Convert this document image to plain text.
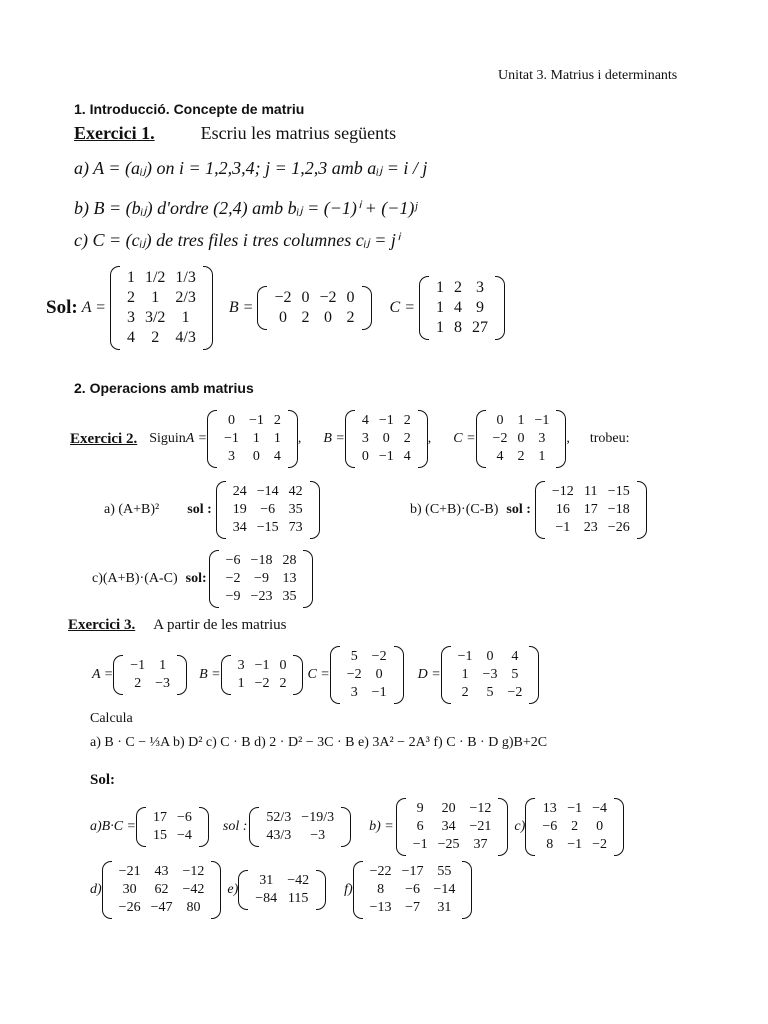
Unitat 3. Matrius i determinants
1. Introducció. Concepte de matriu
Exercici 1.	Escriu les matrius següents
a) A = (aᵢⱼ) on i = 1,2,3,4; j = 1,2,3 amb aᵢⱼ = i / j
b) B = (bᵢⱼ) d'ordre (2,4) amb bᵢⱼ = (−1)ⁱ + (−1)ʲ
c) C = (cᵢⱼ) de tres files i tres columnes cᵢⱼ = jⁱ
Sol: A =
1	1/2	1/3
2	1	2/3
3	3/2	1
4	2	4/3
B =
−2	0	−2	0
0	2	0	2
C =
1	2	3
1	4	9
1	8	27
2. Operacions amb matrius
Exercici 2. Siguin A =
0	−1	2
−1	1	1
3	0	4
, B =
4	−1	2
3	0	2
0	−1	4
, C =
0	1	−1
−2	0	3
4	2	1
, trobeu:
a) (A+B)² sol :
24	−14	42
19	−6	35
34	−15	73
b) (C+B)·(C-B) sol :
−12	11	−15
16	17	−18
−1	23	−26
c)(A+B)·(A-C) sol:
−6	−18	28
−2	−9	13
−9	−23	35
Exercici 3. A partir de les matrius
A =
−1	1
2	−3
B =
3	−1	0
1	−2	2
C =
5	−2
−2	0
3	−1
D =
−1	0	4
1	−3	5
2	5	−2
Calcula
a) B · C − ⅓A b) D² c) C · B d) 2 · D² − 3C · B e) 3A² − 2A³ f) C · B · D g)B+2C
Sol:
a)B·C =
17	−6
15	−4
sol :
52/3	−19/3
43/3	−3
b) =
9	20	−12
6	34	−21
−1	−25	37
c)
13	−1	−4
−6	2	0
8	−1	−2
d)
−21	43	−12
30	62	−42
−26	−47	80
e)
31	−42
−84	115
f)
−22	−17	55
8	−6	−14
−13	−7	31
